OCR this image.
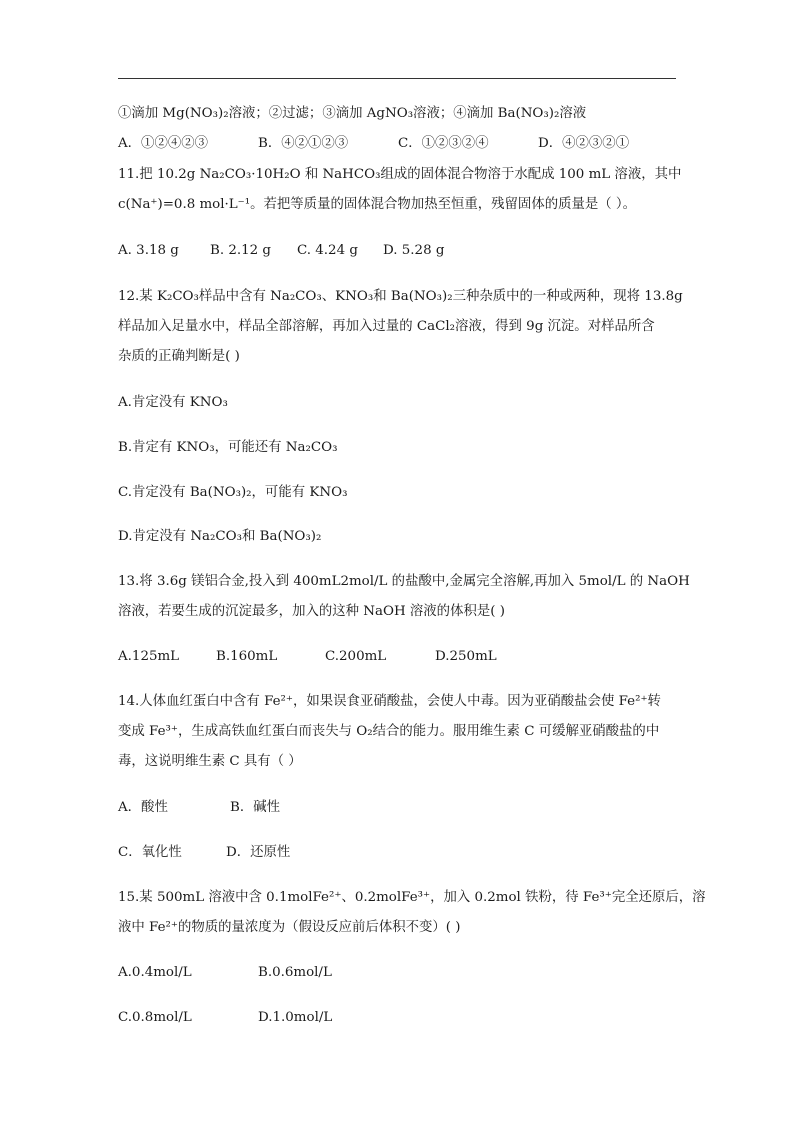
①滴加 Mg(NO₃)₂溶液；②过滤；③滴加 AgNO₃溶液；④滴加 Ba(NO₃)₂溶液
A．①②④②③	B．④②①②③	C．①②③②④	D．④②③②①
11.把 10.2g Na₂CO₃·10H₂O 和 NaHCO₃组成的固体混合物溶于水配成 100 mL 溶液，其中
c(Na⁺)=0.8 mol·L⁻¹。若把等质量的固体混合物加热至恒重，残留固体的质量是（ ）。
A. 3.18 g B. 2.12 g C. 4.24 g D. 5.28 g
12.某 K₂CO₃样品中含有 Na₂CO₃、KNO₃和 Ba(NO₃)₂三种杂质中的一种或两种，现将 13.8g
样品加入足量水中，样品全部溶解，再加入过量的 CaCl₂溶液，得到 9g 沉淀。对样品所含
杂质的正确判断是( )
A.肯定没有 KNO₃
B.肯定有 KNO₃，可能还有 Na₂CO₃
C.肯定没有 Ba(NO₃)₂，可能有 KNO₃
D.肯定没有 Na₂CO₃和 Ba(NO₃)₂
13.将 3.6g 镁铝合金,投入到 400mL2mol/L 的盐酸中,金属完全溶解,再加入 5mol/L 的 NaOH
溶液，若要生成的沉淀最多，加入的这种 NaOH 溶液的体积是( )
A.125mL	B.160mL	C.200mL	D.250mL
14.人体血红蛋白中含有 Fe²⁺，如果误食亚硝酸盐，会使人中毒。因为亚硝酸盐会使 Fe²⁺转
变成 Fe³⁺，生成高铁血红蛋白而丧失与 O₂结合的能力。服用维生素 C 可缓解亚硝酸盐的中
毒，这说明维生素 C 具有（ ）
A．酸性	B．碱性
C．氧化性	D．还原性
15.某 500mL 溶液中含 0.1molFe²⁺、0.2molFe³⁺，加入 0.2mol 铁粉，待 Fe³⁺完全还原后，溶
液中 Fe²⁺的物质的量浓度为（假设反应前后体积不变）( )
A.0.4mol/L	B.0.6mol/L
C.0.8mol/L	D.1.0mol/L
